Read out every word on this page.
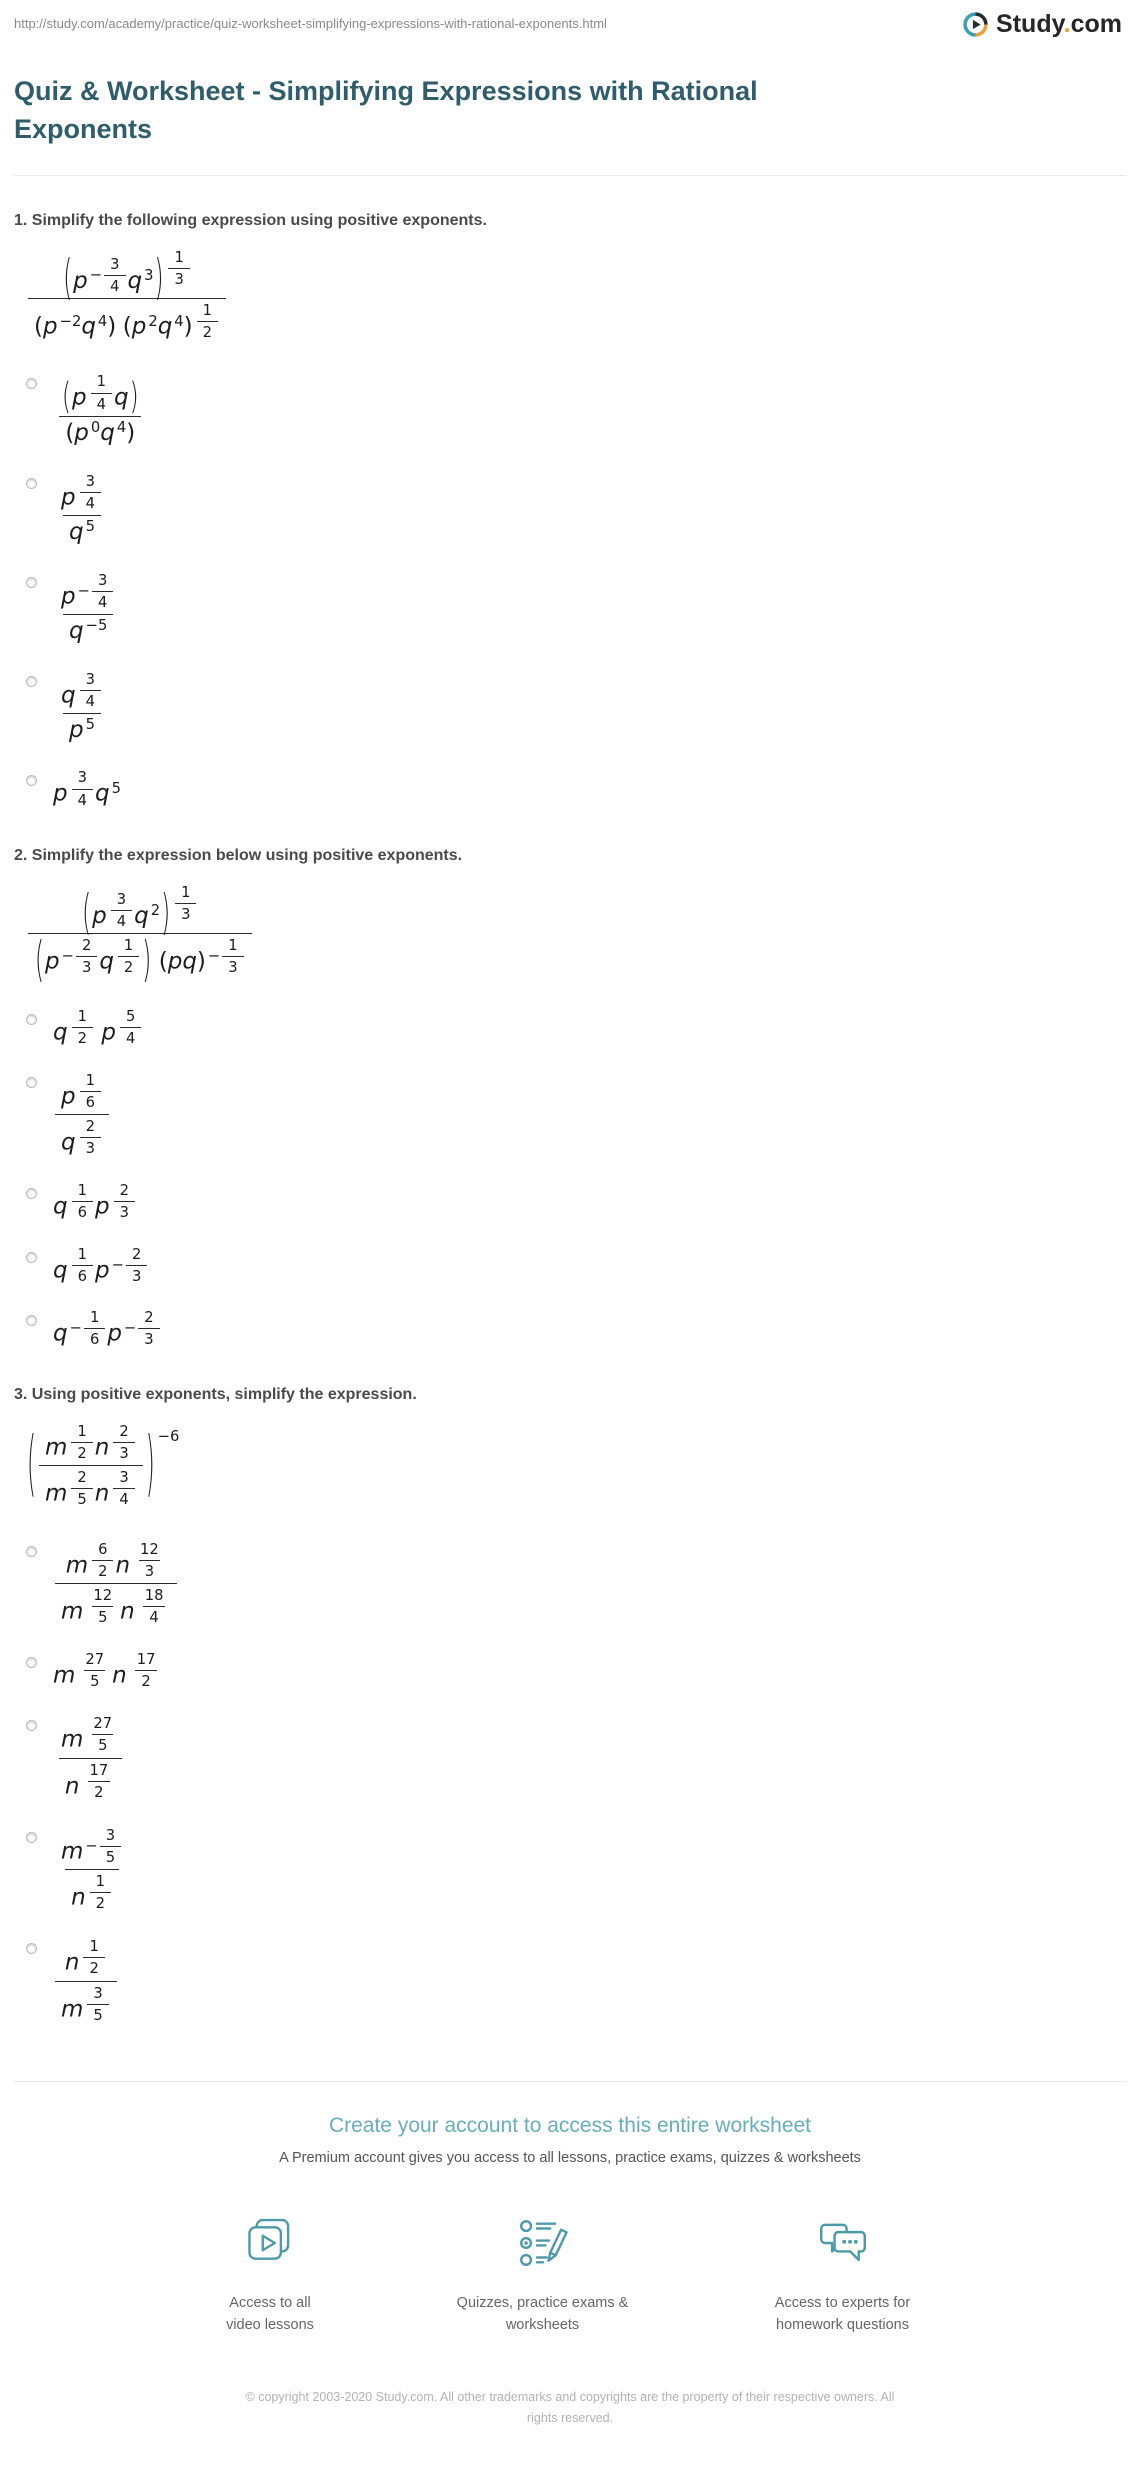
http://study.com/academy/practice/quiz-worksheet-simplifying-expressions-with-rational-exponents.html	Study.com
Quiz & Worksheet - Simplifying Expressions with Rational Exponents
1. Simplify the following expression using positive exponents.
$\frac{(p - \frac{3}{4} q 3) \frac{1}{3}}{(p -2q 4) (p 2q 4) \frac{1}{2}}$
$\frac{(p \frac{1}{4} q)}{(p 0q 4)}$
$\frac{p \frac{3}{4}}{q 5}$
$\frac{p - \frac{3}{4}}{q -5}$
$\frac{q \frac{3}{4}}{p 5}$
p $\frac{3}{4}$ q 5
2. Simplify the expression below using positive exponents.
$\frac{(p \frac{3}{4} q 2) \frac{1}{3}}{(p - \frac{2}{3} q \frac{1}{2} ) (pq) - \frac{1}{3}}$
q $\frac{1}{2}$ p $\frac{5}{4}$
$\frac{p \frac{1}{6}}{q \frac{2}{3}}$
q $\frac{1}{6}$ p $\frac{2}{3}$
q $\frac{1}{6}$ $p - \frac{2}{3}$
$q - \frac{1}{6}$ $p - \frac{2}{3}$
3. Using positive exponents, simplify the expression.
( $\frac{m \frac{1}{2} n \frac{2}{3}}{m \frac{2}{5} n \frac{3}{4}}$ ) −6
$\frac{m \frac{6}{2} n \frac{12}{3}}{m \frac{12}{5} n \frac{18}{4}}$
m $\frac{27}{5}$ n $\frac{17}{2}$
$\frac{m \frac{27}{5}}{n \frac{17}{2}}$
$\frac{m - \frac{3}{5}}{n \frac{1}{2}}$
$\frac{n \frac{1}{2}}{m \frac{3}{5}}$
Create your account to access this entire worksheet

A Premium account gives you access to all lessons, practice exams, quizzes & worksheets

Access to all video lessons
Quizzes, practice exams & worksheets
Access to experts for homework questions

© copyright 2003-2020 Study.com. All other trademarks and copyrights are the property of their respective owners. All rights reserved.
